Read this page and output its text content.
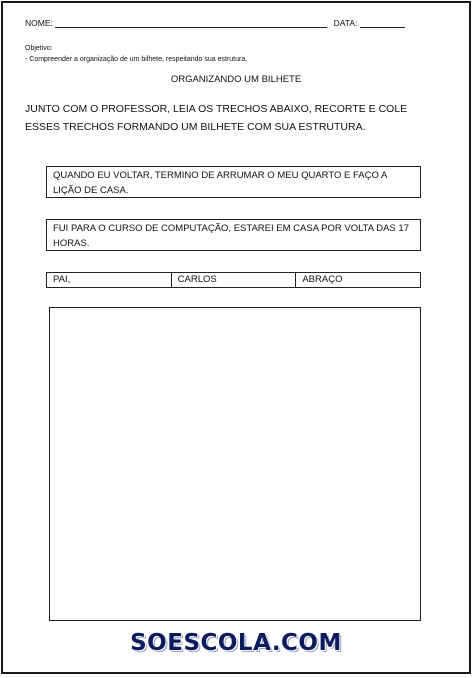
NOME:	DATA:
Objetivo:
- Compreender a organização de um bilhete, respeitando sua estrutura.
ORGANIZANDO UM BILHETE
JUNTO COM O PROFESSOR, LEIA OS TRECHOS ABAIXO, RECORTE E COLE ESSES TRECHOS FORMANDO UM BILHETE COM SUA ESTRUTURA.
QUANDO EU VOLTAR, TERMINO DE ARRUMAR O MEU QUARTO E FAÇO A LIÇÃO DE CASA.
FUI PARA O CURSO DE COMPUTAÇÃO, ESTAREI EM CASA POR VOLTA DAS 17 HORAS.
PAI,	CARLOS	ABRAÇO
SOESCOLA.COM
